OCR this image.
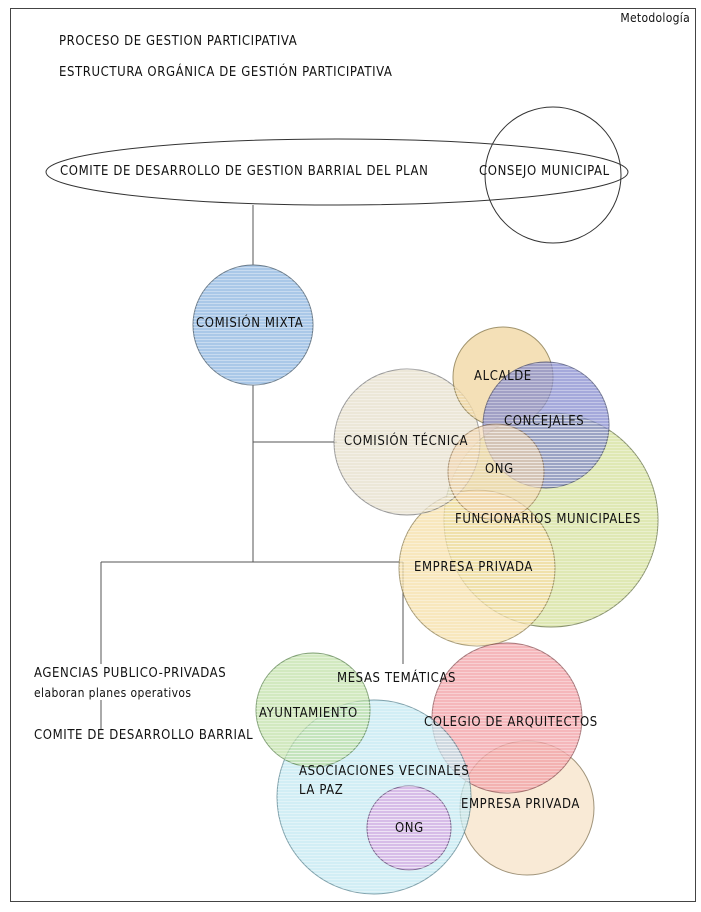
Metodología
PROCESO DE GESTION PARTICIPATIVA
ESTRUCTURA ORGÁNICA DE GESTIÓN PARTICIPATIVA
COMITE DE DESARROLLO DE GESTION BARRIAL DEL PLAN	CONSEJO MUNICIPAL
COMISIÓN MIXTA
ALCALDE
CONCEJALES
COMISIÓN TÉCNICA
ONG
FUNCIONARIOS MUNICIPALES
EMPRESA PRIVADA
AGENCIAS PUBLICO-PRIVADAS
elaboran planes operativos
COMITE DE DESARROLLO BARRIAL
MESAS TEMÁTICAS
AYUNTAMIENTO
COLEGIO DE ARQUITECTOS
ASOCIACIONES VECINALES
LA PAZ
EMPRESA PRIVADA
ONG
